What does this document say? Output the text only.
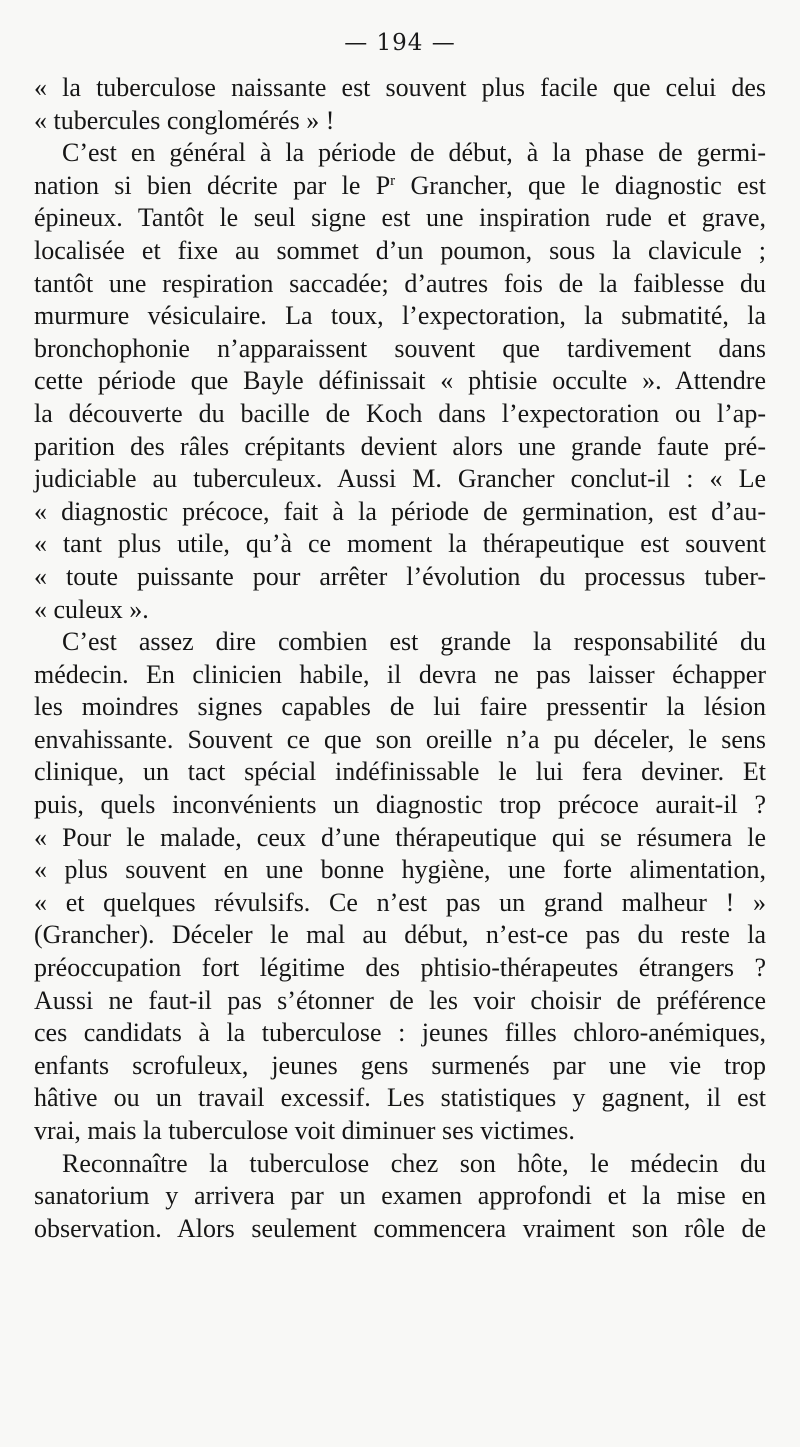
— 194 —
« la tuberculose naissante est souvent plus facile que celui des
« tubercules conglomérés » !
C’est en général à la période de début, à la phase de germi-
nation si bien décrite par le $P^r$ Grancher, que le diagnostic est
épineux. Tantôt le seul signe est une inspiration rude et grave,
localisée et fixe au sommet d’un poumon, sous la clavicule ;
tantôt une respiration saccadée; d’autres fois de la faiblesse du
murmure vésiculaire. La toux, l’expectoration, la submatité, la
bronchophonie n’apparaissent souvent que tardivement dans
cette période que Bayle définissait « phtisie occulte ». Attendre
la découverte du bacille de Koch dans l’expectoration ou l’ap-
parition des râles crépitants devient alors une grande faute pré-
judiciable au tuberculeux. Aussi M. Grancher conclut-il : « Le
« diagnostic précoce, fait à la période de germination, est d’au-
« tant plus utile, qu’à ce moment la thérapeutique est souvent
« toute puissante pour arrêter l’évolution du processus tuber-
« culeux ».
C’est assez dire combien est grande la responsabilité du
médecin. En clinicien habile, il devra ne pas laisser échapper
les moindres signes capables de lui faire pressentir la lésion
envahissante. Souvent ce que son oreille n’a pu déceler, le sens
clinique, un tact spécial indéfinissable le lui fera deviner. Et
puis, quels inconvénients un diagnostic trop précoce aurait-il ?
« Pour le malade, ceux d’une thérapeutique qui se résumera le
« plus souvent en une bonne hygiène, une forte alimentation,
« et quelques révulsifs. Ce n’est pas un grand malheur ! »
(Grancher). Déceler le mal au début, n’est-ce pas du reste la
préoccupation fort légitime des phtisio-thérapeutes étrangers ?
Aussi ne faut-il pas s’étonner de les voir choisir de préférence
ces candidats à la tuberculose : jeunes filles chloro-anémiques,
enfants scrofuleux, jeunes gens surmenés par une vie trop
hâtive ou un travail excessif. Les statistiques y gagnent, il est
vrai, mais la tuberculose voit diminuer ses victimes.
Reconnaître la tuberculose chez son hôte, le médecin du
sanatorium y arrivera par un examen approfondi et la mise en
observation. Alors seulement commencera vraiment son rôle de
